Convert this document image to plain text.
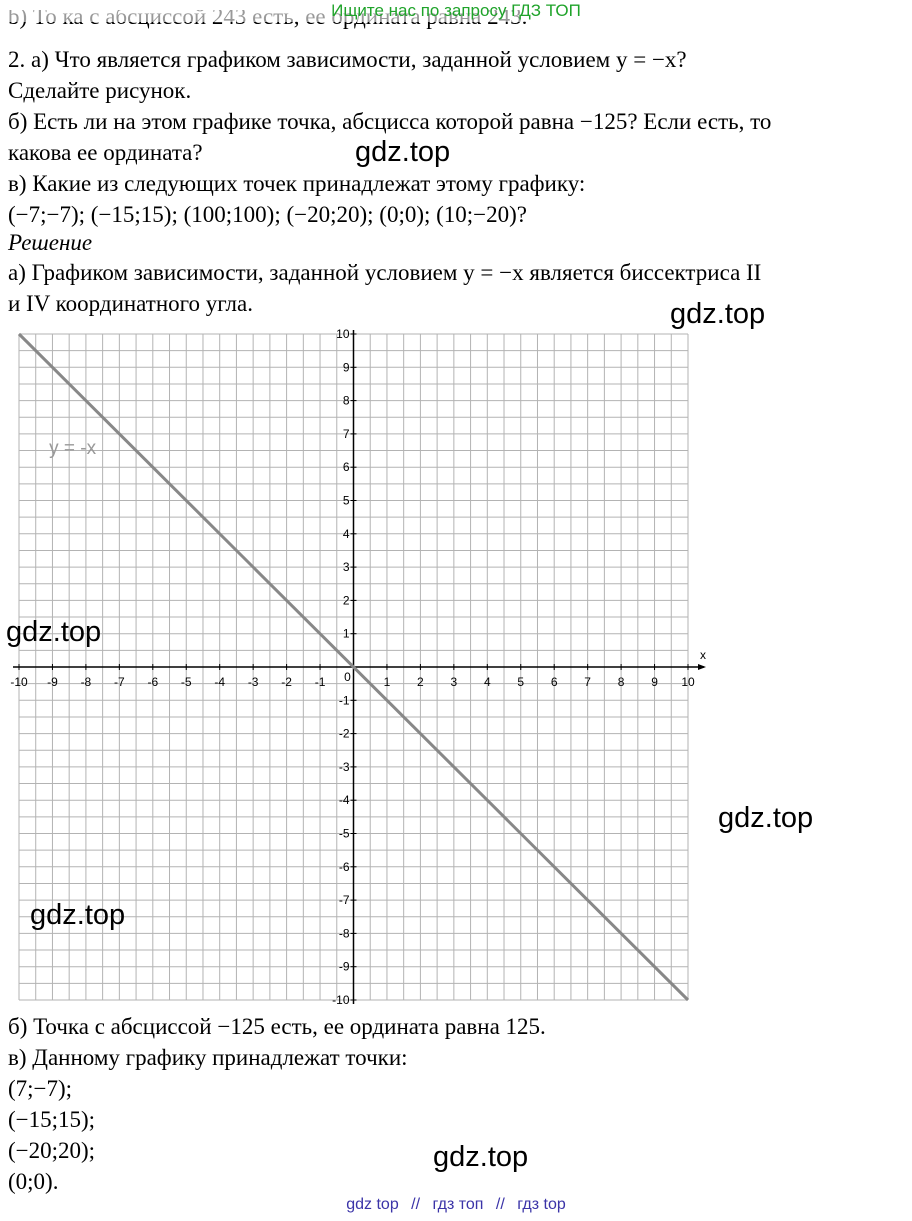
Ищите нас по запросу ГДЗ ТОП
2. а) Что является графиком зависимости, заданной условием y = −x?
Сделайте рисунок.
б) Есть ли на этом графике точка, абсцисса которой равна −125? Если есть, то
какова ее ордината?
в) Какие из следующих точек принадлежат этому графику:
(−7;−7); (−15;15); (100;100); (−20;20); (0;0); (10;−20)?
Решение
а) Графиком зависимости, заданной условием y = −x является биссектриса II
и IV координатного угла.
-10 -9 -8 -7 -6 -5 -4 -3 -2 -1 0	1 2 3 4 5 6 7 8 9 10
-10
-9
-8
-7
-6
-5
-4
-3
-2
-1
1
2
3
4
5
6
7
8
9
10
y = -x
x
б) Точка с абсциссой −125 есть, ее ордината равна 125.
в) Данному графику принадлежат точки:
(7;−7);
(−15;15);
(−20;20);
(0;0).
gdz.top
gdz.top
gdz.top
gdz.top
gdz.top
gdz.top
gdz top // гдз топ // гдз top
